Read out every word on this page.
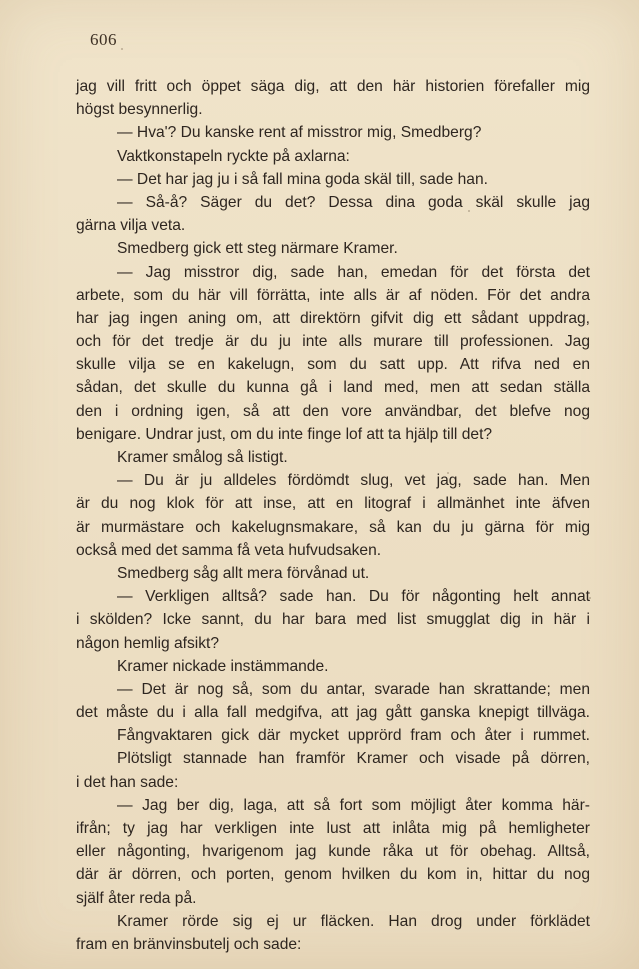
606
jag vill fritt och öppet säga dig, att den här historien förefaller mig
högst besynnerlig.
— Hva'? Du kanske rent af misstror mig, Smedberg?
Vaktkonstapeln ryckte på axlarna:
— Det har jag ju i så fall mina goda skäl till, sade han.
— Så-å? Säger du det? Dessa dina goda skäl skulle jag
gärna vilja veta.
Smedberg gick ett steg närmare Kramer.
— Jag misstror dig, sade han, emedan för det första det
arbete, som du här vill förrätta, inte alls är af nöden. För det andra
har jag ingen aning om, att direktörn gifvit dig ett sådant uppdrag,
och för det tredje är du ju inte alls murare till professionen. Jag
skulle vilja se en kakelugn, som du satt upp. Att rifva ned en
sådan, det skulle du kunna gå i land med, men att sedan ställa
den i ordning igen, så att den vore användbar, det blefve nog
benigare. Undrar just, om du inte finge lof att ta hjälp till det?
Kramer smålog så listigt.
— Du är ju alldeles fördömdt slug, vet jag, sade han. Men
är du nog klok för att inse, att en litograf i allmänhet inte äfven
är murmästare och kakelugnsmakare, så kan du ju gärna för mig
också med det samma få veta hufvudsaken.
Smedberg såg allt mera förvånad ut.
— Verkligen alltså? sade han. Du för någonting helt annat
i skölden? Icke sannt, du har bara med list smugglat dig in här i
någon hemlig afsikt?
Kramer nickade instämmande.
— Det är nog så, som du antar, svarade han skrattande; men
det måste du i alla fall medgifva, att jag gått ganska knepigt tillväga.
Fångvaktaren gick där mycket upprörd fram och åter i rummet.
Plötsligt stannade han framför Kramer och visade på dörren,
i det han sade:
— Jag ber dig, laga, att så fort som möjligt åter komma här-
ifrån; ty jag har verkligen inte lust att inlåta mig på hemligheter
eller någonting, hvarigenom jag kunde råka ut för obehag. Alltså,
där är dörren, och porten, genom hvilken du kom in, hittar du nog
själf åter reda på.
Kramer rörde sig ej ur fläcken. Han drog under förklädet
fram en bränvinsbutelj och sade:
